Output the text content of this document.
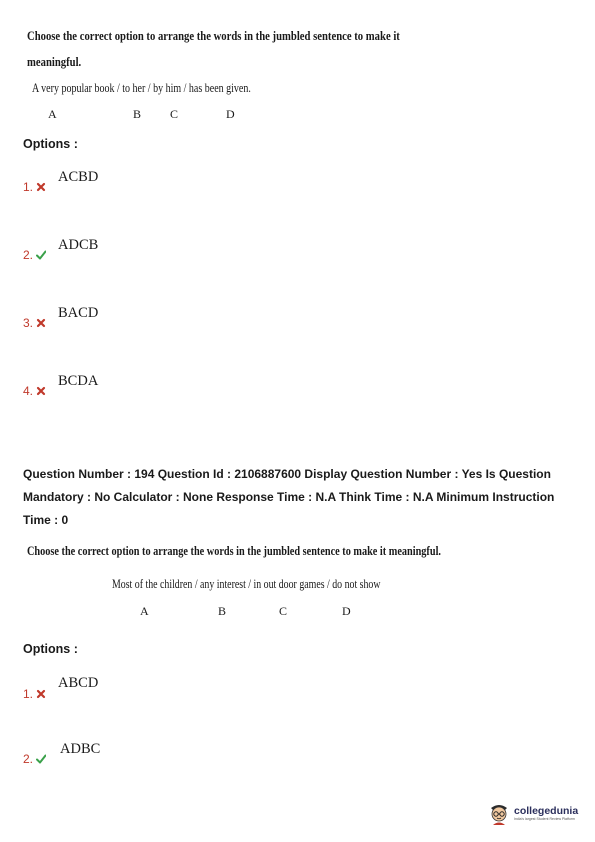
Choose the correct option to arrange the words in the jumbled sentence to make it
meaningful.
A very popular book / to her / by him / has been given.
A	B C	D
Options :
1.
ACBD
2.
ADCB
3.
BACD
4.
BCDA
Question Number : 194 Question Id : 2106887600 Display Question Number : Yes Is Question Mandatory : No Calculator : None Response Time : N.A Think Time : N.A Minimum Instruction Time : 0
Choose the correct option to arrange the words in the jumbled sentence to make it meaningful.
Most of the children / any interest / in out door games / do not show
A	B	C	D
Options :
1.
ABCD
2.
ADBC
collegedunia
India's largest Student Review Platform
